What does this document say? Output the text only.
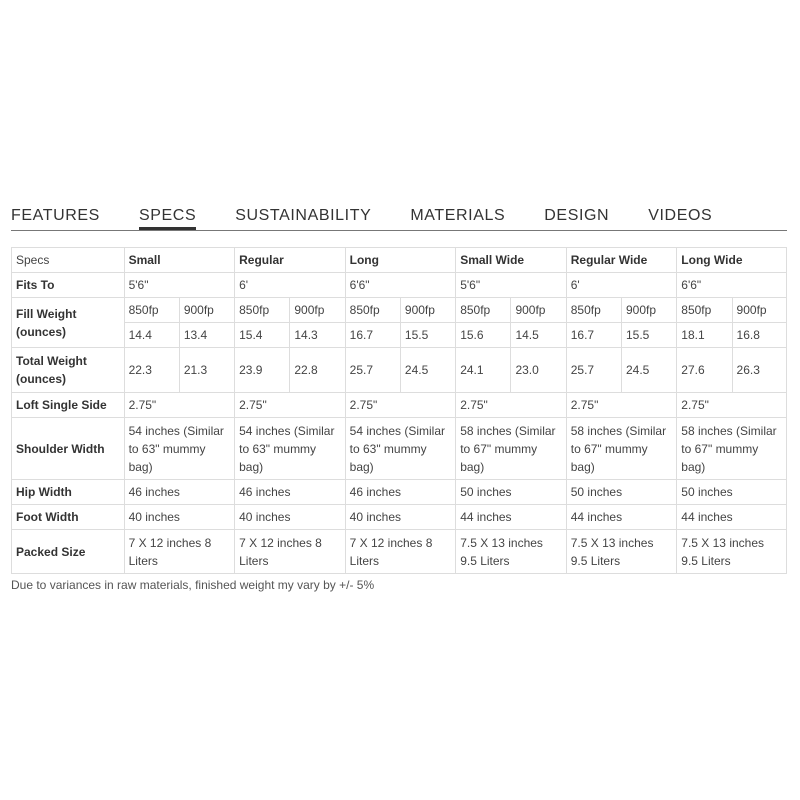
FEATURES SPECS SUSTAINABILITY MATERIALS DESIGN VIDEOS
Specs	Small		Regular		Long		Small Wide		Regular Wide		Long Wide	
Fits To	5'6"		6'		6'6"		5'6"		6'		6'6"	
Fill Weight (ounces)	850fp	900fp	850fp	900fp	850fp	900fp	850fp	900fp	850fp	900fp	850fp	900fp
	14.4	13.4	15.4	14.3	16.7	15.5	15.6	14.5	16.7	15.5	18.1	16.8
Total Weight (ounces)	22.3	21.3	23.9	22.8	25.7	24.5	24.1	23.0	25.7	24.5	27.6	26.3
Loft Single Side	2.75"		2.75"		2.75"		2.75"		2.75"		2.75"	
Shoulder Width	54 inches (Similar to 63" mummy bag)		54 inches (Similar to 63" mummy bag)		54 inches (Similar to 63" mummy bag)		58 inches (Similar to 67" mummy bag)		58 inches (Similar to 67" mummy bag)		58 inches (Similar to 67" mummy bag)	
Hip Width	46 inches		46 inches		46 inches		50 inches		50 inches		50 inches	
Foot Width	40 inches		40 inches		40 inches		44 inches		44 inches		44 inches	
Packed Size	7 X 12 inches 8 Liters		7 X 12 inches 8 Liters		7 X 12 inches 8 Liters		7.5 X 13 inches 9.5 Liters		7.5 X 13 inches 9.5 Liters		7.5 X 13 inches 9.5 Liters	
Due to variances in raw materials, finished weight my vary by +/- 5%
